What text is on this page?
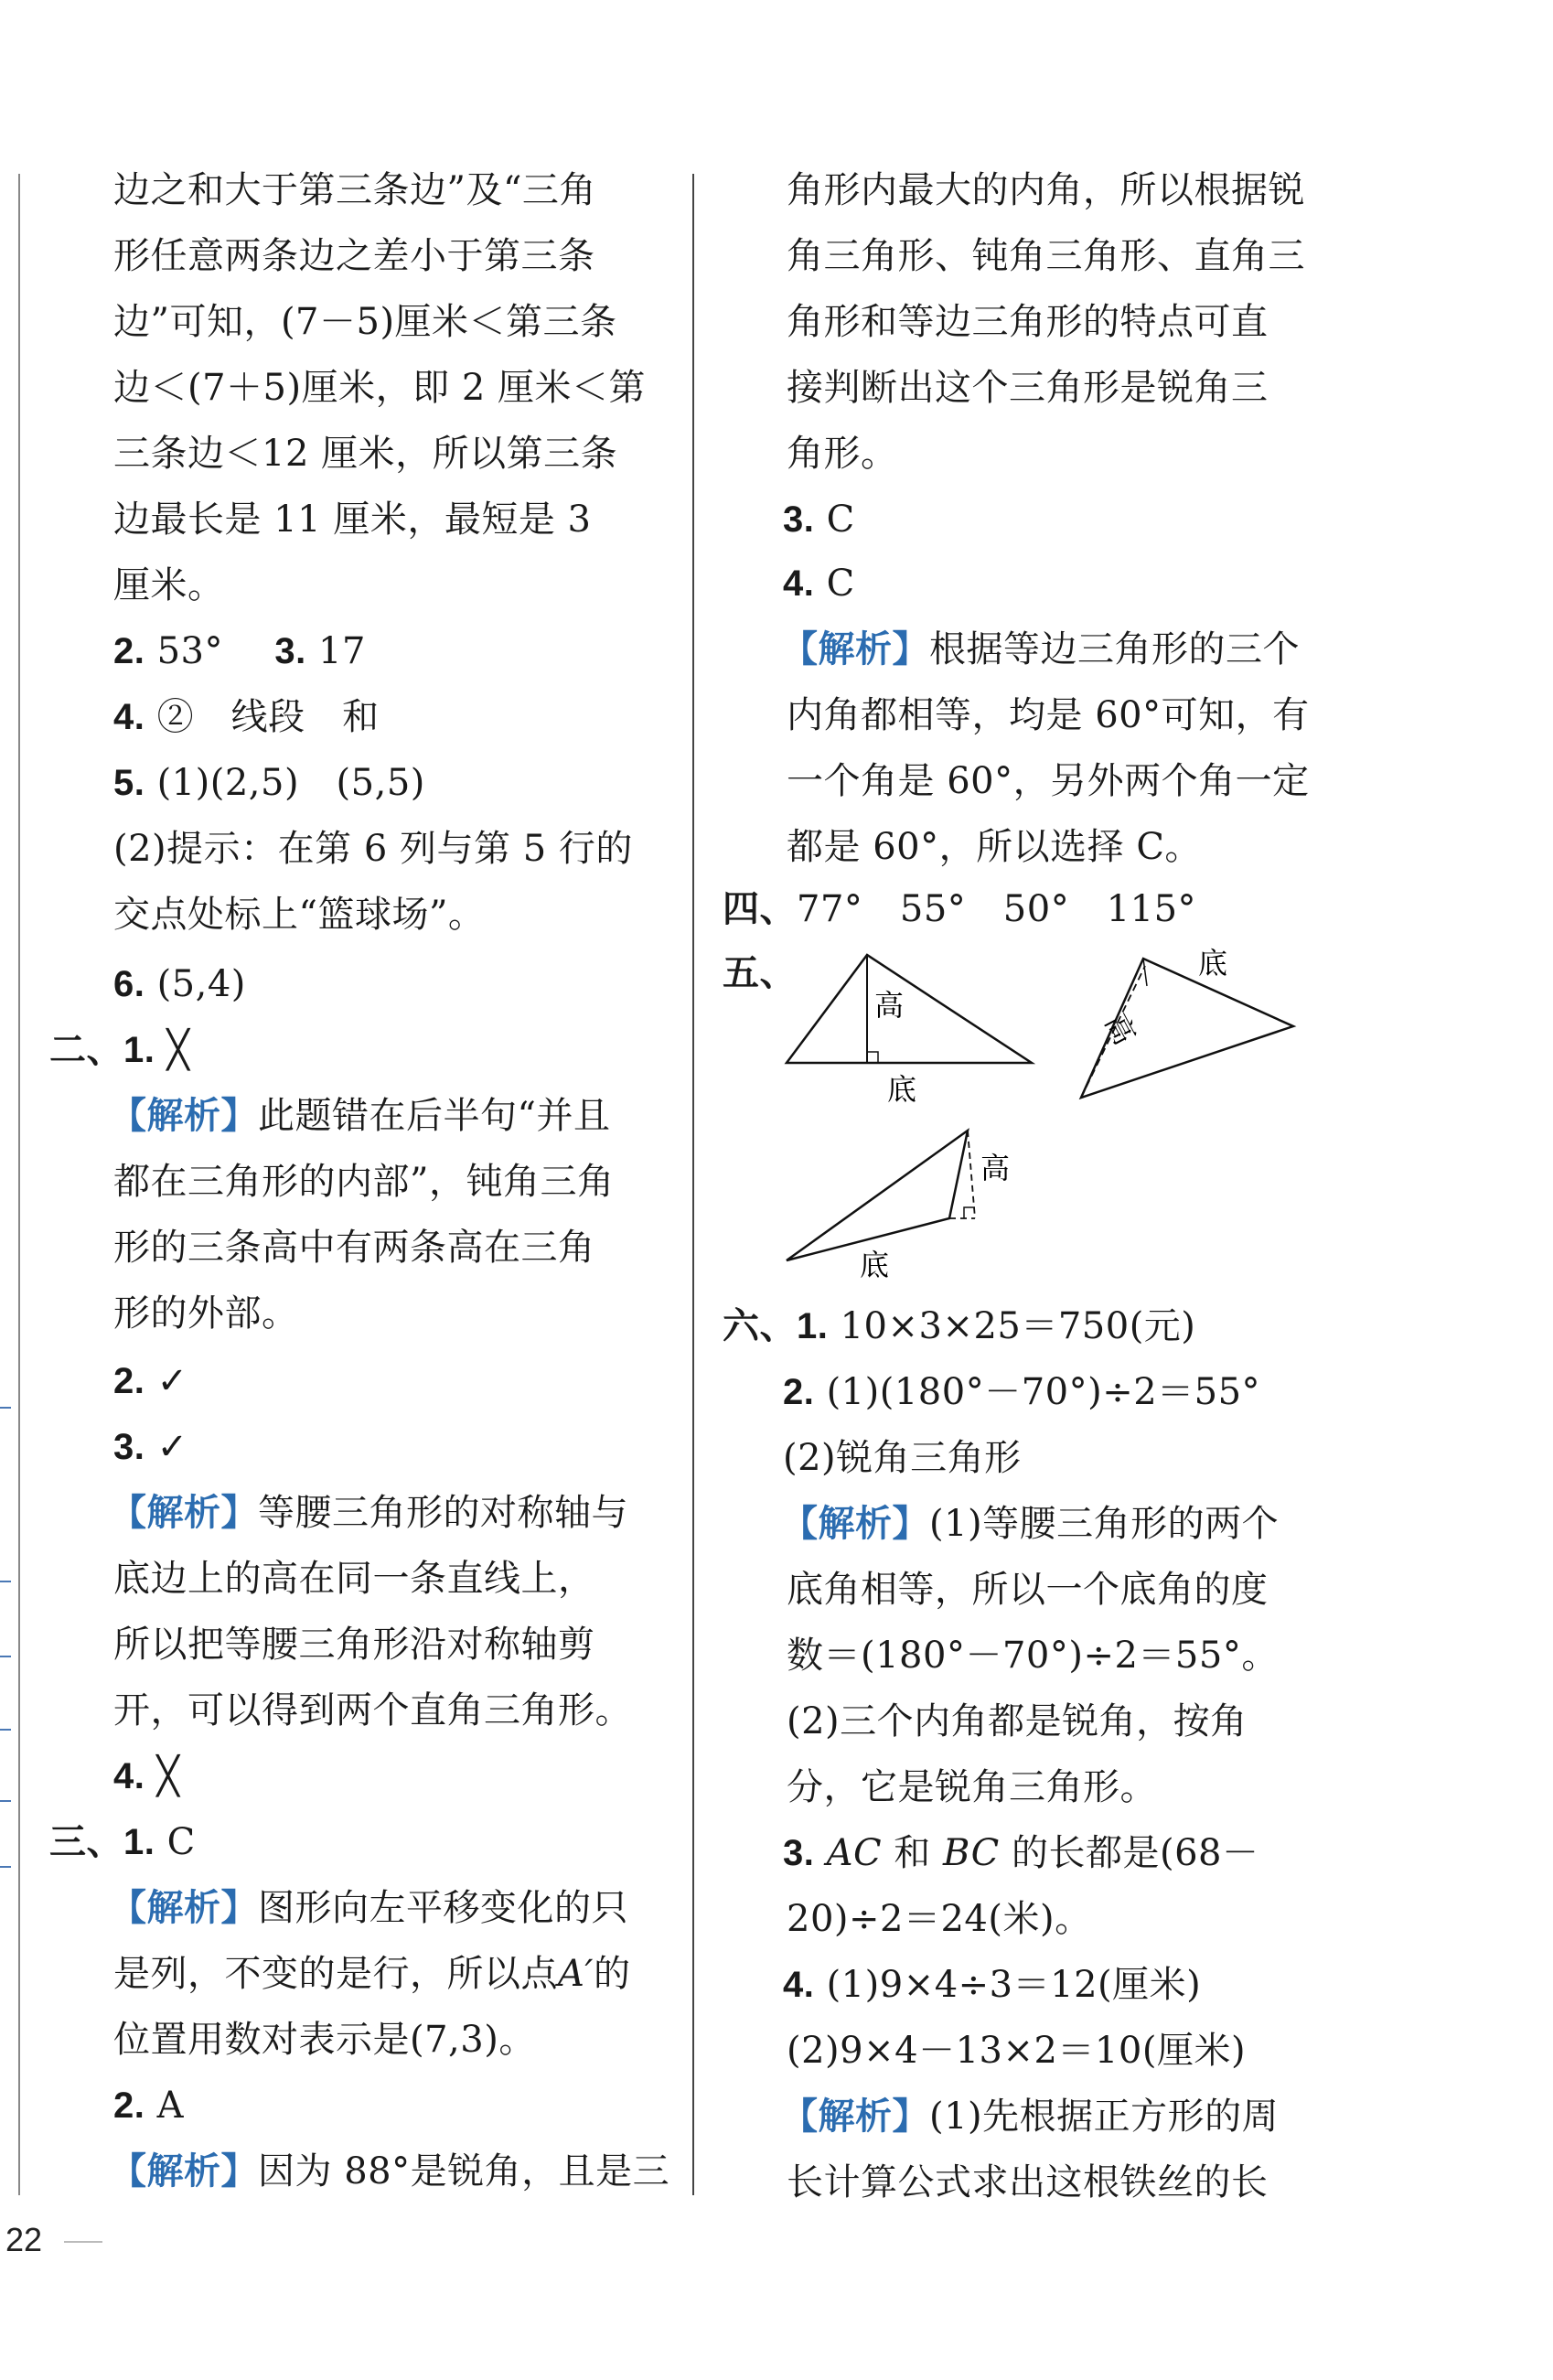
边之和大于第三条边”及“三角
形任意两条边之差小于第三条
边”可知，(7－5)厘米＜第三条
边＜(7＋5)厘米，即 2 厘米＜第
三条边＜12 厘米，所以第三条
边最长是 11 厘米，最短是 3
厘米。
2. 53° 3. 17
4. ②　线段　和
5. (1)(2,5)　(5,5)
(2)提示：在第 6 列与第 5 行的
交点处标上“篮球场”。
6. (5,4)
二、1. ╳
【解析】此题错在后半句“并且
都在三角形的内部”，钝角三角
形的三条高中有两条高在三角
形的外部。
2. ✓
3. ✓
【解析】等腰三角形的对称轴与
底边上的高在同一条直线上，
所以把等腰三角形沿对称轴剪
开，可以得到两个直角三角形。
4. ╳
三、1. C
【解析】图形向左平移变化的只
是列，不变的是行，所以点A′的
位置用数对表示是(7,3)。
2. A
【解析】因为 88°是锐角，且是三
角形内最大的内角，所以根据锐
角三角形、钝角三角形、直角三
角形和等边三角形的特点可直
接判断出这个三角形是锐角三
角形。
3. C
4. C
【解析】根据等边三角形的三个
内角都相等，均是 60°可知，有
一个角是 60°，另外两个角一定
都是 60°，所以选择 C。
四、77°　55°　50°　115°
五、
高
底
高
底
高
底
六、1. 10×3×25＝750(元)
2. (1)(180°－70°)÷2＝55°
(2)锐角三角形
【解析】(1)等腰三角形的两个
底角相等，所以一个底角的度
数＝(180°－70°)÷2＝55°。
(2)三个内角都是锐角，按角
分，它是锐角三角形。
3. AC 和 BC 的长都是(68－
20)÷2＝24(米)。
4. (1)9×4÷3＝12(厘米)
(2)9×4－13×2＝10(厘米)
【解析】(1)先根据正方形的周
长计算公式求出这根铁丝的长
22
